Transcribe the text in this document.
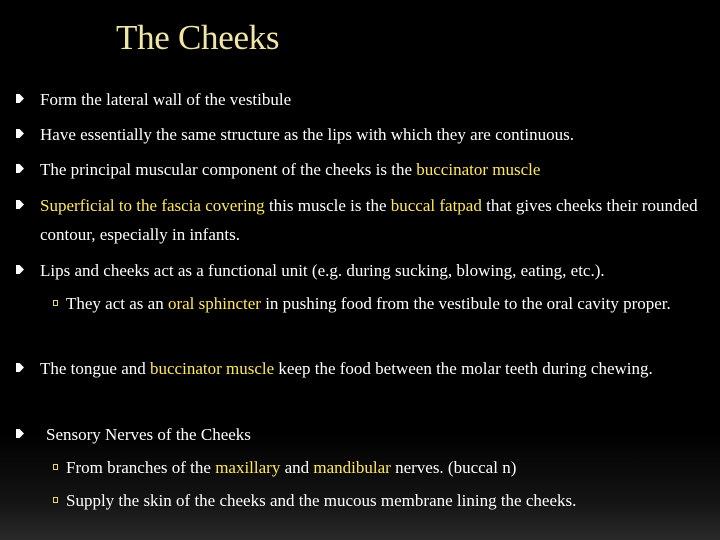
The Cheeks
Form the lateral wall of the vestibule
Have essentially the same structure as the lips with which they are continuous.
The principal muscular component of the cheeks is the buccinator muscle
Superficial to the fascia covering this muscle is the buccal fatpad that gives cheeks their rounded contour, especially in infants.
Lips and cheeks act as a functional unit (e.g. during sucking, blowing, eating, etc.).
They act as an oral sphincter in pushing food from the vestibule to the oral cavity proper.
The tongue and buccinator muscle keep the food between the molar teeth during chewing.
Sensory Nerves of the Cheeks
From branches of the maxillary and mandibular nerves. (buccal n)
Supply the skin of the cheeks and the mucous membrane lining the cheeks.
